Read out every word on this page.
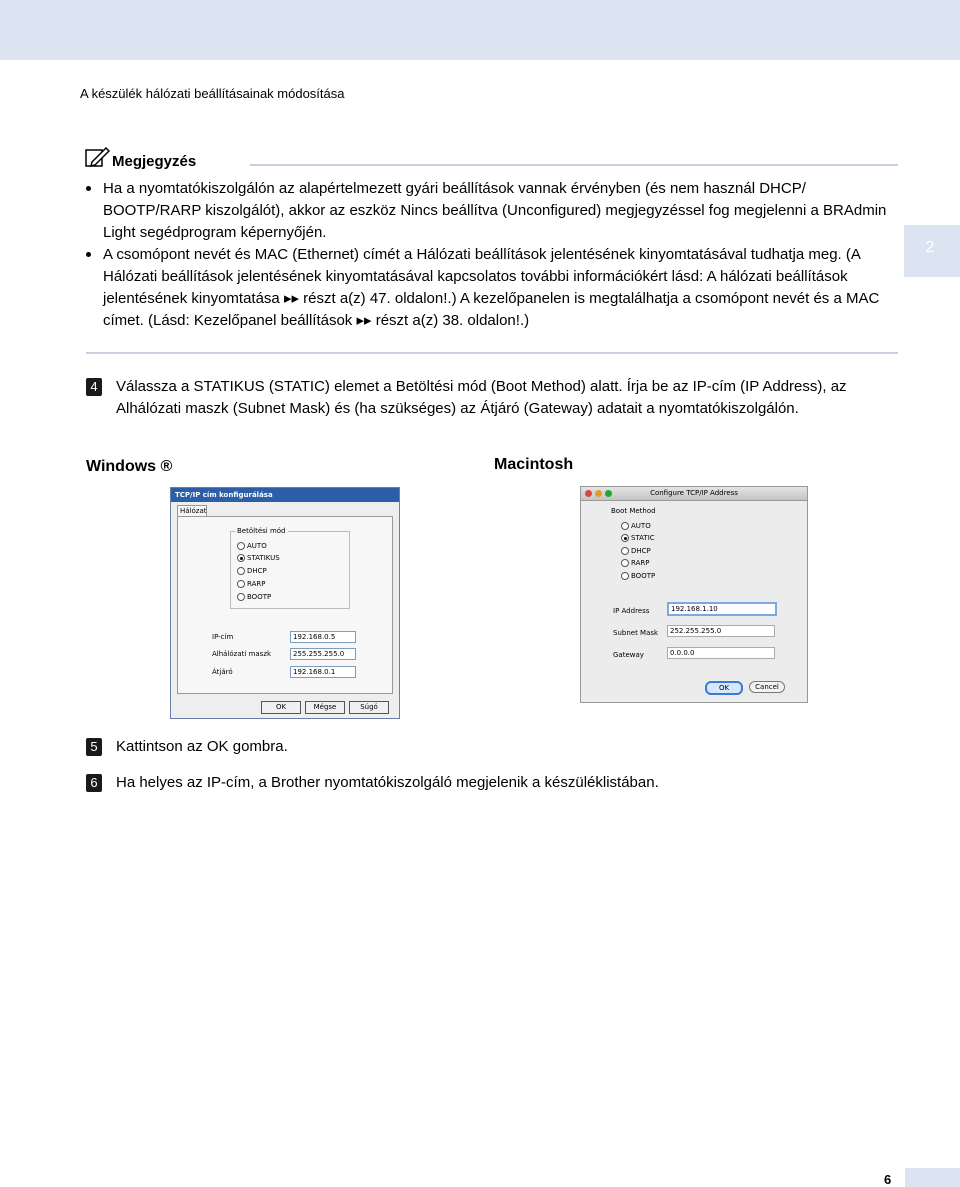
A készülék hálózati beállításainak módosítása
Megjegyzés
Ha a nyomtatókiszolgálón az alapértelmezett gyári beállítások vannak érvényben (és nem használ DHCP/ BOOTP/RARP kiszolgálót), akkor az eszköz Nincs beállítva (Unconfigured) megjegyzéssel fog megjelenni a BRAdmin Light segédprogram képernyőjén.
A csomópont nevét és MAC (Ethernet) címét a Hálózati beállítások jelentésének kinyomtatásával tudhatja meg. (A Hálózati beállítások jelentésének kinyomtatásával kapcsolatos további információkért lásd: A hálózati beállítások jelentésének kinyomtatása ▸▸ részt a(z) 47. oldalon!.) A kezelőpanelen is megtalálhatja a csomópont nevét és a MAC címet. (Lásd: Kezelőpanel beállítások ▸▸ részt a(z) 38. oldalon!.)
2
4 Válassza a STATIKUS (STATIC) elemet a Betöltési mód (Boot Method) alatt. Írja be az IP-cím (IP Address), az Alhálózati maszk (Subnet Mask) és (ha szükséges) az Átjáró (Gateway) adatait a nyomtatókiszolgálón.
Windows ®	Macintosh
TCP/IP cím konfigurálása
Hálózat
Betöltési mód
AUTO
STATIKUS
DHCP
RARP
BOOTP
IP-cím	192.168.0.5
Alhálózati maszk	255.255.255.0
Átjáró	192.168.0.1
OK	Mégse	Súgó
Configure TCP/IP Address
Boot Method
AUTO
STATIC
DHCP
RARP
BOOTP
IP Address	192.168.1.10
Subnet Mask	252.255.255.0
Gateway	0.0.0.0
OK	Cancel
5 Kattintson az OK gombra.
6 Ha helyes az IP-cím, a Brother nyomtatókiszolgáló megjelenik a készüléklistában.
6
